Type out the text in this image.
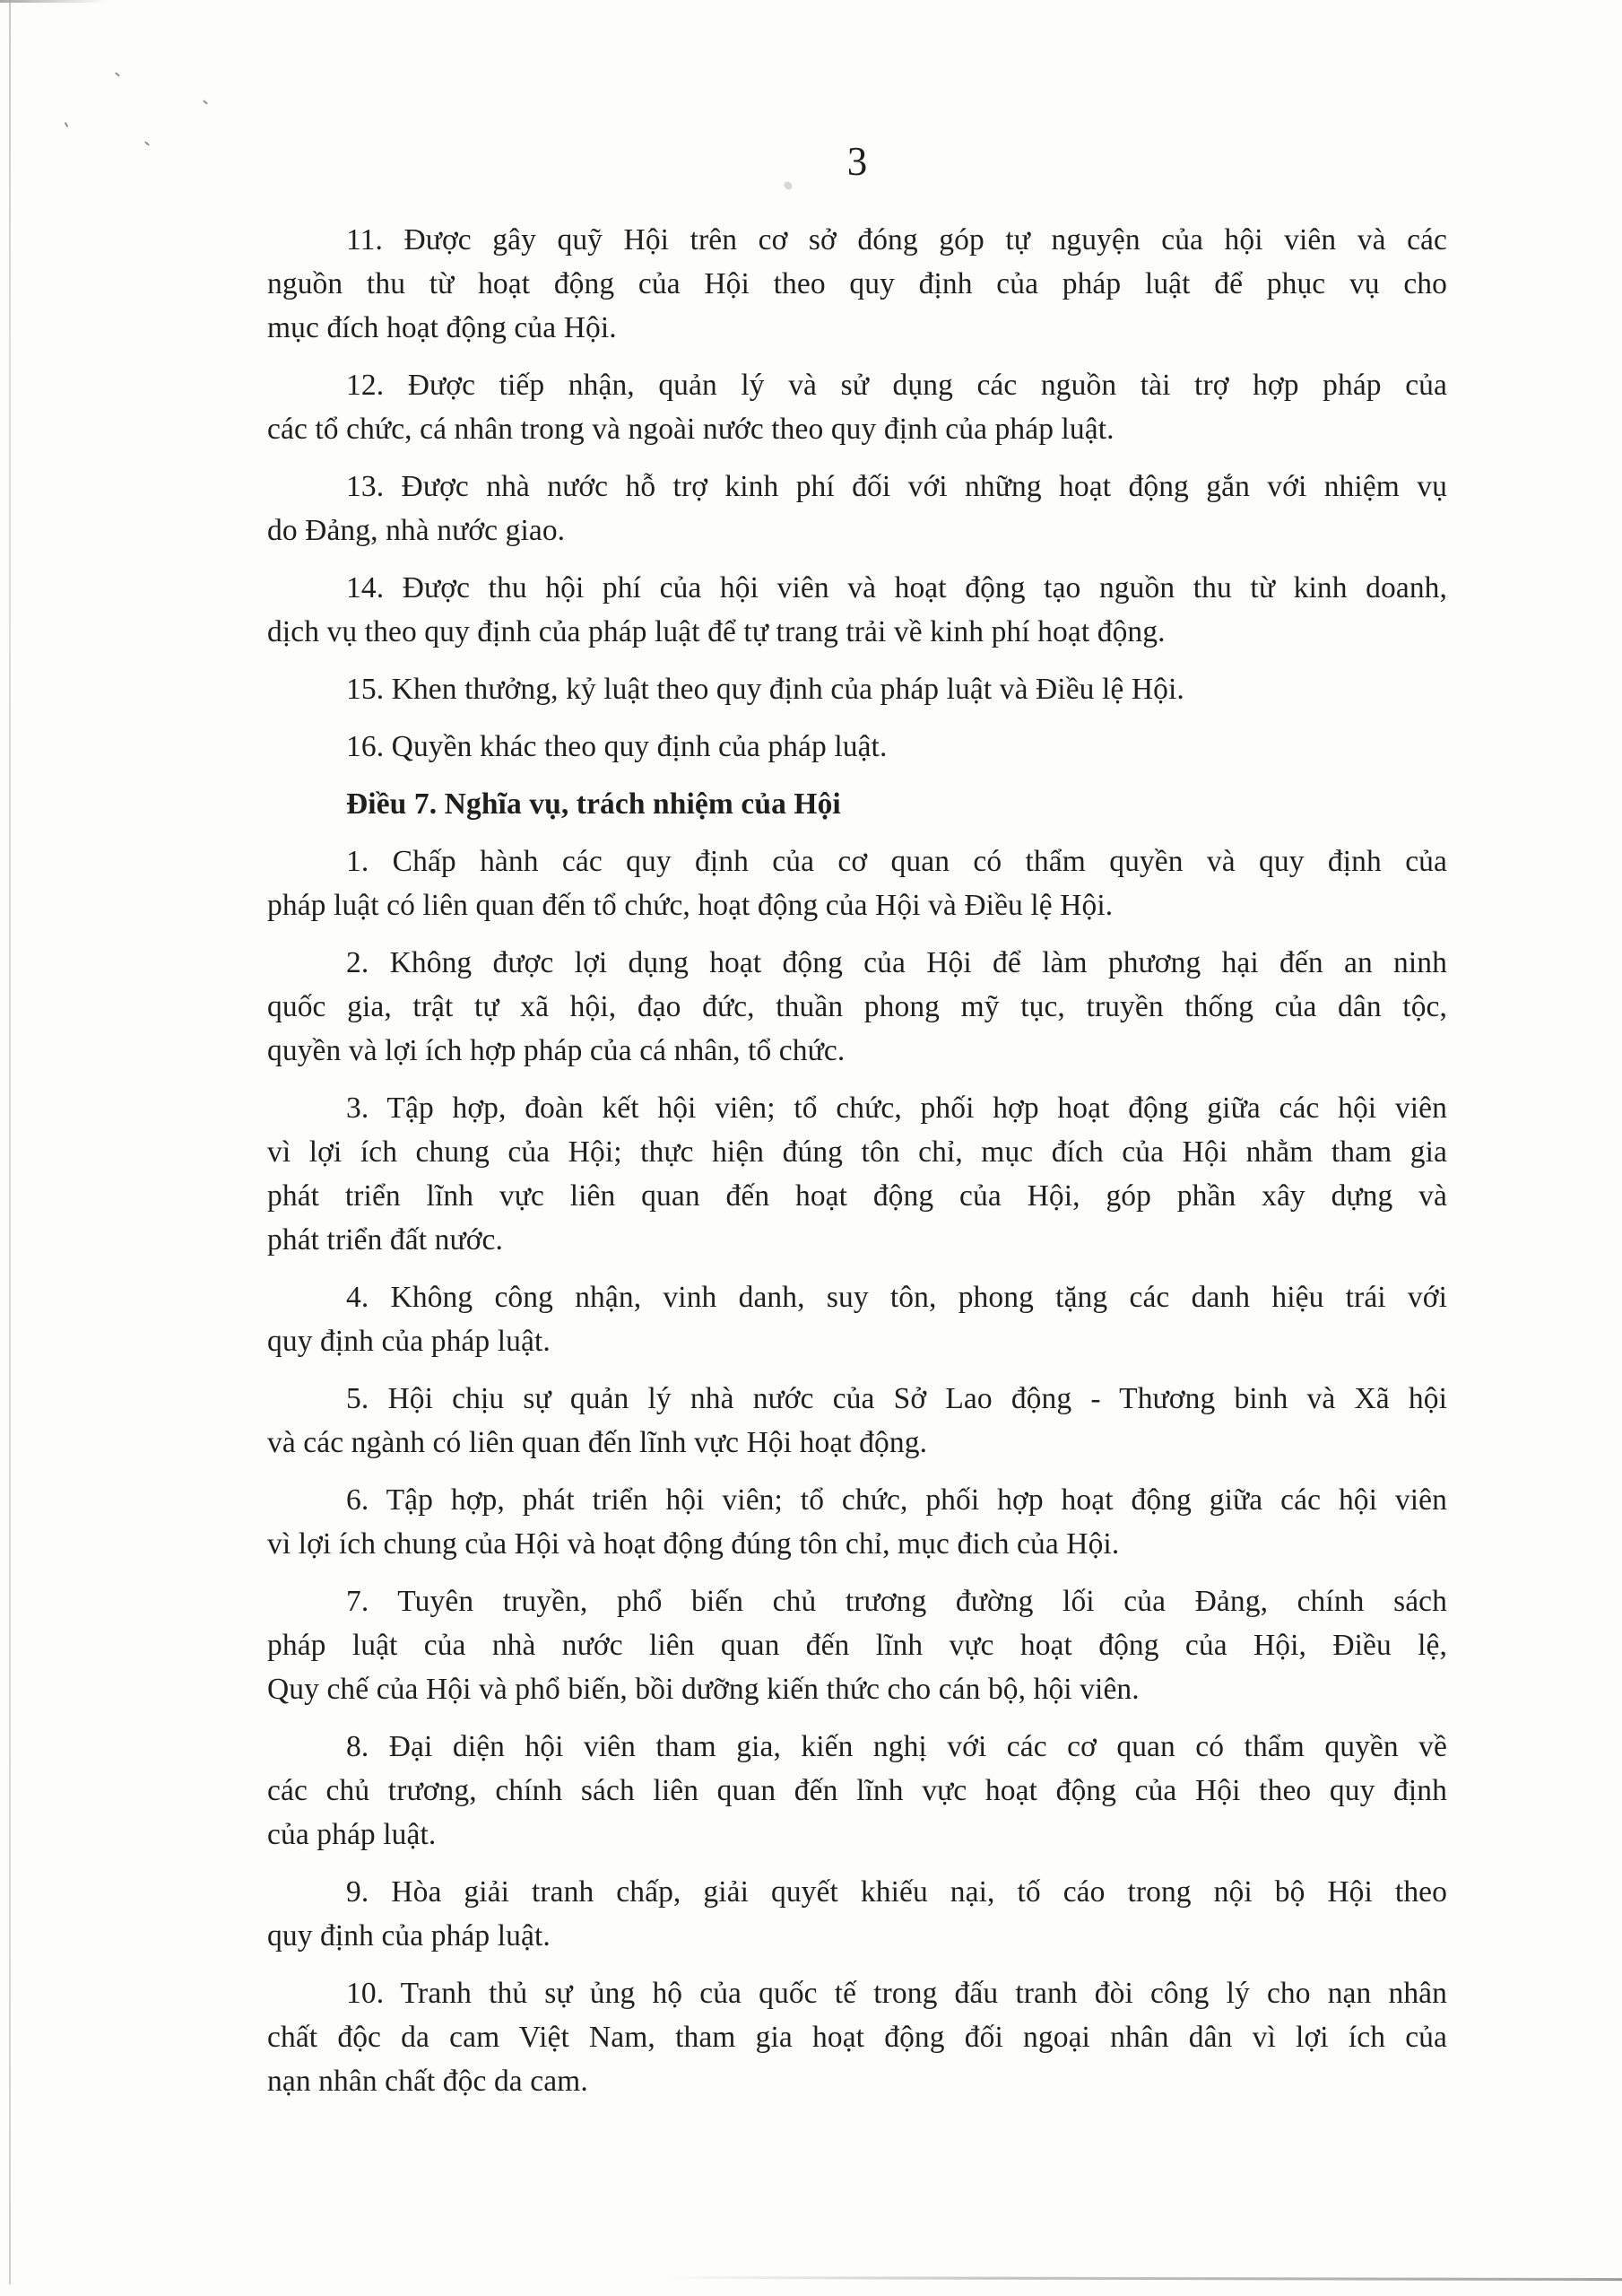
3

11. Được gây quỹ Hội trên cơ sở đóng góp tự nguyện của hội viên và các
nguồn thu từ hoạt động của Hội theo quy định của pháp luật để phục vụ cho
mục đích hoạt động của Hội.

12. Được tiếp nhận, quản lý và sử dụng các nguồn tài trợ hợp pháp của
các tổ chức, cá nhân trong và ngoài nước theo quy định của pháp luật.

13. Được nhà nước hỗ trợ kinh phí đối với những hoạt động gắn với nhiệm vụ
do Đảng, nhà nước giao.

14. Được thu hội phí của hội viên và hoạt động tạo nguồn thu từ kinh doanh,
dịch vụ theo quy định của pháp luật để tự trang trải về kinh phí hoạt động.

15. Khen thưởng, kỷ luật theo quy định của pháp luật và Điều lệ Hội.

16. Quyền khác theo quy định của pháp luật.

Điều 7. Nghĩa vụ, trách nhiệm của Hội

1. Chấp hành các quy định của cơ quan có thẩm quyền và quy định của
pháp luật có liên quan đến tổ chức, hoạt động của Hội và Điều lệ Hội.

2. Không được lợi dụng hoạt động của Hội để làm phương hại đến an ninh
quốc gia, trật tự xã hội, đạo đức, thuần phong mỹ tục, truyền thống của dân tộc,
quyền và lợi ích hợp pháp của cá nhân, tổ chức.

3. Tập hợp, đoàn kết hội viên; tổ chức, phối hợp hoạt động giữa các hội viên
vì lợi ích chung của Hội; thực hiện đúng tôn chỉ, mục đích của Hội nhằm tham gia
phát triển lĩnh vực liên quan đến hoạt động của Hội, góp phần xây dựng và
phát triển đất nước.

4. Không công nhận, vinh danh, suy tôn, phong tặng các danh hiệu trái với
quy định của pháp luật.

5. Hội chịu sự quản lý nhà nước của Sở Lao động - Thương binh và Xã hội
và các ngành có liên quan đến lĩnh vực Hội hoạt động.

6. Tập hợp, phát triển hội viên; tổ chức, phối hợp hoạt động giữa các hội viên
vì lợi ích chung của Hội và hoạt động đúng tôn chỉ, mục đich của Hội.

7. Tuyên truyền, phổ biến chủ trương đường lối của Đảng, chính sách
pháp luật của nhà nước liên quan đến lĩnh vực hoạt động của Hội, Điều lệ,
Quy chế của Hội và phổ biến, bồi dưỡng kiến thức cho cán bộ, hội viên.

8. Đại diện hội viên tham gia, kiến nghị với các cơ quan có thẩm quyền về
các chủ trương, chính sách liên quan đến lĩnh vực hoạt động của Hội theo quy định
của pháp luật.

9. Hòa giải tranh chấp, giải quyết khiếu nại, tố cáo trong nội bộ Hội theo
quy định của pháp luật.

10. Tranh thủ sự ủng hộ của quốc tế trong đấu tranh đòi công lý cho nạn nhân
chất độc da cam Việt Nam, tham gia hoạt động đối ngoại nhân dân vì lợi ích của
nạn nhân chất độc da cam.
